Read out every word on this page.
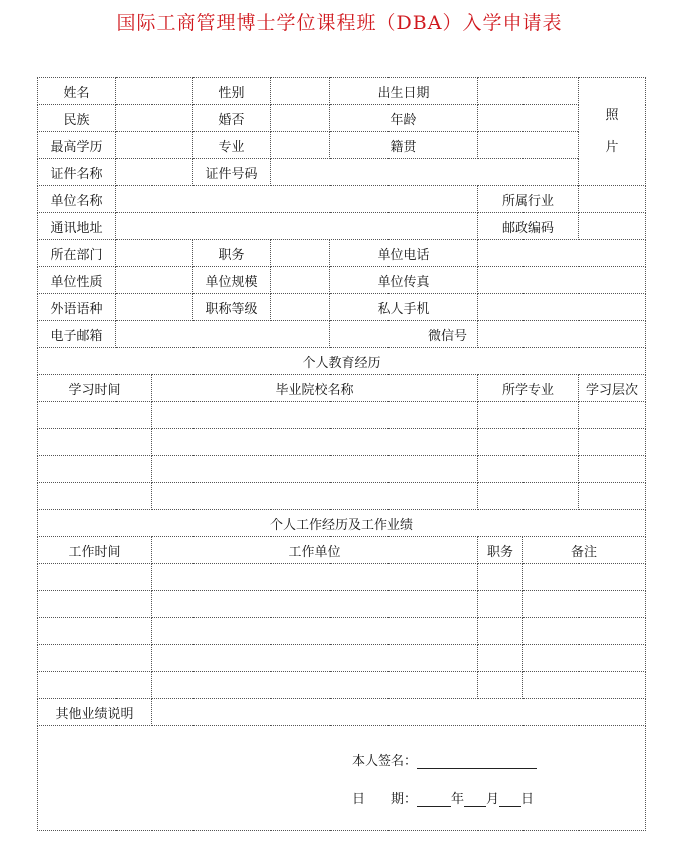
国际工商管理博士学位课程班（DBA）入学申请表
姓名			性别		出生日期			照
片

民族			婚否		年龄			
最高学历			专业		籍贯			
证件名称			证件号码					
单位名称						所属行业		
通讯地址						邮政编码		
所在部门			职务		单位电话			
单位性质			单位规模		单位传真			
外语语种			职称等级		私人手机			
电子邮箱					微信号			
个人教育经历								
学习时间		毕业院校名称				所学专业		学习层次

个人工作经历及工作业绩								
工作时间		工作单位				职务	备注	

其他业绩说明								

本人签名：
日　　期： 年 月 日								
